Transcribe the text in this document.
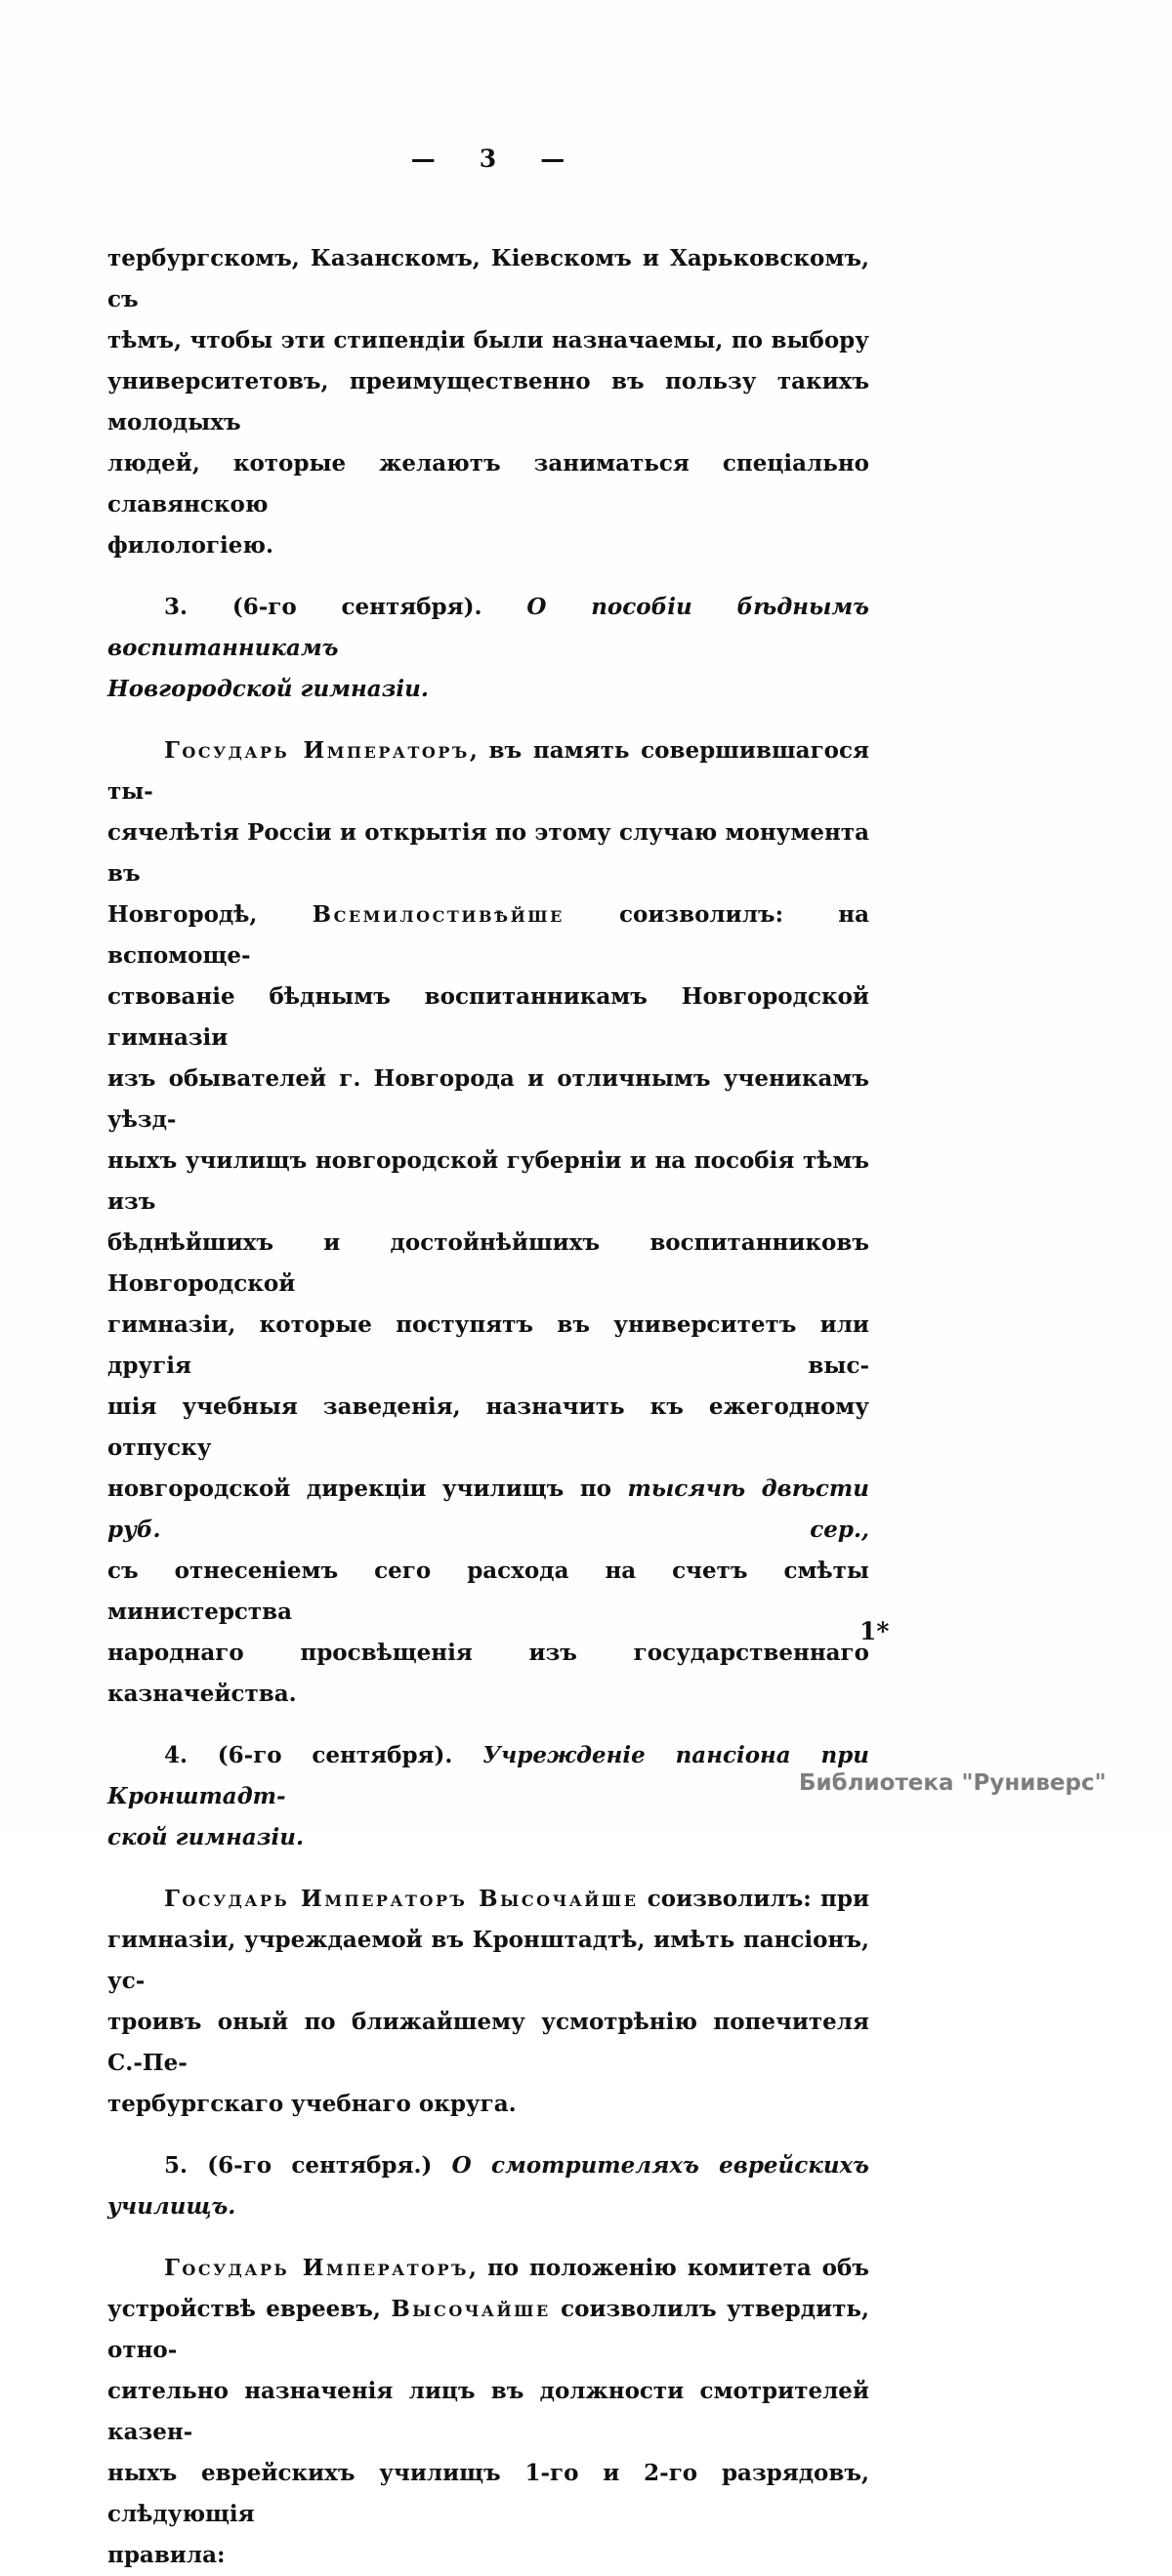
— 3 —
тербургскомъ, Казанскомъ, Кіевскомъ и Харьковскомъ, съ
тѣмъ, чтобы эти стипендіи были назначаемы, по выбору
университетовъ, преимущественно въ пользу такихъ молодыхъ
людей, которые желаютъ заниматься спеціально славянскою
филологіею.
3. (6-го сентября). О пособіи бѣднымъ воспитанникамъ
Новгородской гимназіи.
Государь Императоръ, въ память совершившагося ты-
сячелѣтія Россіи и открытія по этому случаю монумента въ
Новгородѣ, Всемилостивѣйше соизволилъ: на вспомоще-
ствованіе бѣднымъ воспитанникамъ Новгородской гимназіи
изъ обывателей г. Новгорода и отличнымъ ученикамъ уѣзд-
ныхъ училищъ новгородской губерніи и на пособія тѣмъ изъ
бѣднѣйшихъ и достойнѣйшихъ воспитанниковъ Новгородской
гимназіи, которые поступятъ въ университетъ или другія выс-
шія учебныя заведенія, назначить къ ежегодному отпуску
новгородской дирекціи училищъ по тысячѣ двѣсти руб. сер.,
съ отнесеніемъ сего расхода на счетъ смѣты министерства
народнаго просвѣщенія изъ государственнаго казначейства.
4. (6-го сентября). Учрежденіе пансіона при Кронштадт-
ской гимназіи.
Государь Императоръ Высочайше соизволилъ: при
гимназіи, учреждаемой въ Кронштадтѣ, имѣть пансіонъ, ус-
троивъ оный по ближайшему усмотрѣнію попечителя С.-Пе-
тербургскаго учебнаго округа.
5. (6-го сентября.) О смотрителяхъ еврейскихъ училищъ.
Государь Императоръ, по положенію комитета объ
устройствѣ евреевъ, Высочайше соизволилъ утвердить, отно-
сительно назначенія лицъ въ должности смотрителей казен-
ныхъ еврейскихъ училищъ 1-го и 2-го разрядовъ, слѣдующія
правила:
1*
Библиотека "Руниверс"
